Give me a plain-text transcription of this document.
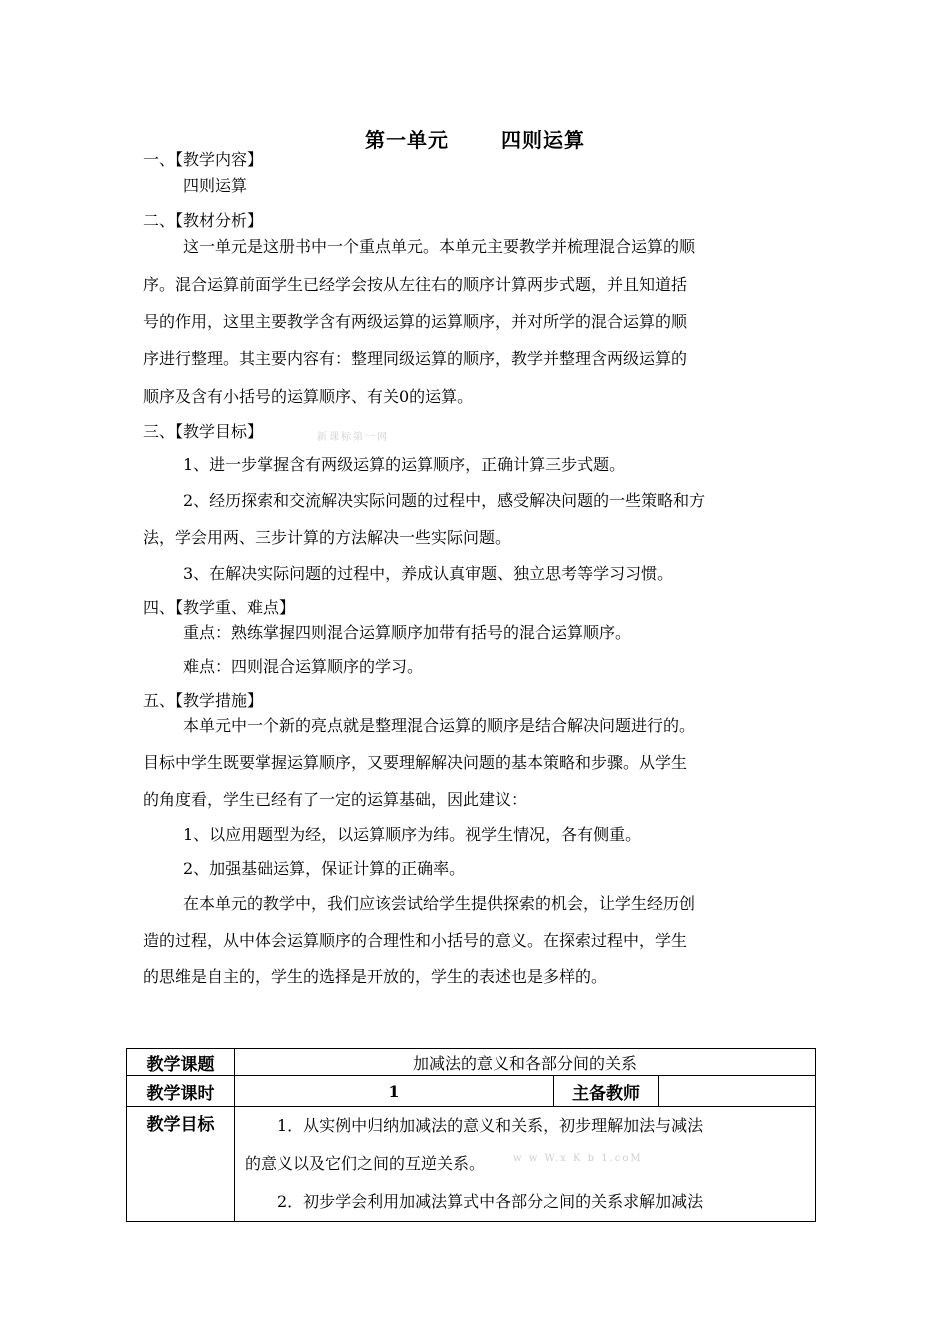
第一单元	四则运算
一、【教学内容】
四则运算
二、【教材分析】
这一单元是这册书中一个重点单元。本单元主要教学并梳理混合运算的顺
序。混合运算前面学生已经学会按从左往右的顺序计算两步式题，并且知道括
号的作用，这里主要教学含有两级运算的运算顺序，并对所学的混合运算的顺
序进行整理。其主要内容有：整理同级运算的顺序，教学并整理含两级运算的
顺序及含有小括号的运算顺序、有关0的运算。
三、【教学目标】	新课标第一网
1、进一步掌握含有两级运算的运算顺序，正确计算三步式题。
2、经历探索和交流解决实际问题的过程中，感受解决问题的一些策略和方
法，学会用两、三步计算的方法解决一些实际问题。
3、在解决实际问题的过程中，养成认真审题、独立思考等学习习惯。
四、【教学重、难点】
重点：熟练掌握四则混合运算顺序加带有括号的混合运算顺序。
难点：四则混合运算顺序的学习。
五、【教学措施】
本单元中一个新的亮点就是整理混合运算的顺序是结合解决问题进行的。
目标中学生既要掌握运算顺序，又要理解解决问题的基本策略和步骤。从学生
的角度看，学生已经有了一定的运算基础，因此建议：
1、以应用题型为经，以运算顺序为纬。视学生情况，各有侧重。
2、加强基础运算，保证计算的正确率。
在本单元的教学中，我们应该尝试给学生提供探索的机会，让学生经历创
造的过程，从中体会运算顺序的合理性和小括号的意义。在探索过程中，学生
的思维是自主的，学生的选择是开放的，学生的表述也是多样的。
教学课题	加减法的意义和各部分间的关系		
教学课时	1	主备教师	
教学目标	1．从实例中归纳加减法的意义和关系，初步理解加法与减法
的意义以及它们之间的互逆关系。 w w W.x K b 1.coM
2．初步学会利用加减法算式中各部分之间的关系求解加减法		
